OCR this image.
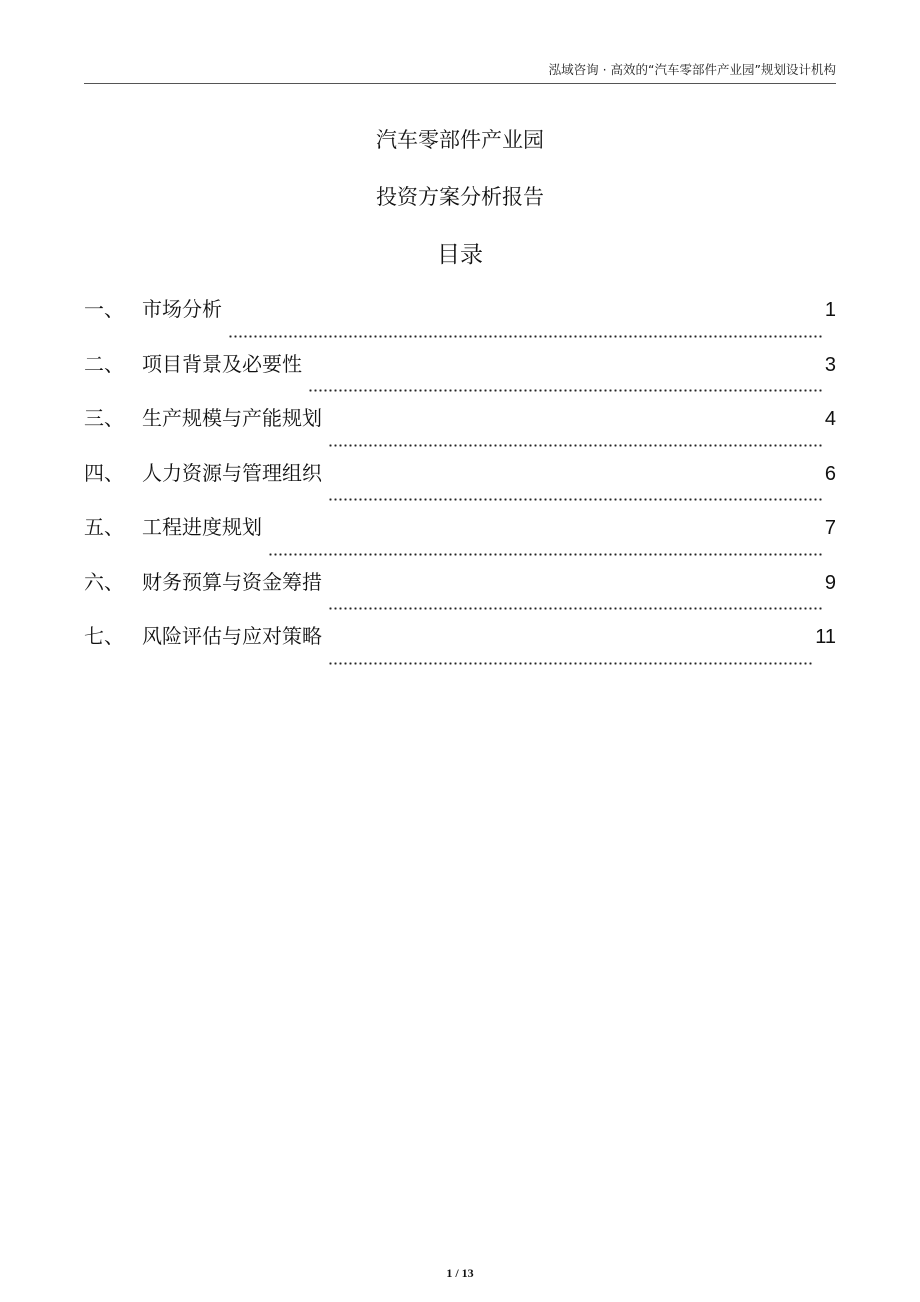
泓域咨询 · 高效的“汽车零部件产业园”规划设计机构
汽车零部件产业园
投资方案分析报告
目录
一、 市场分析	1
二、 项目背景及必要性	3
三、 生产规模与产能规划	4
四、 人力资源与管理组织	6
五、 工程进度规划	7
六、 财务预算与资金筹措	9
七、 风险评估与应对策略	11
1 / 13
